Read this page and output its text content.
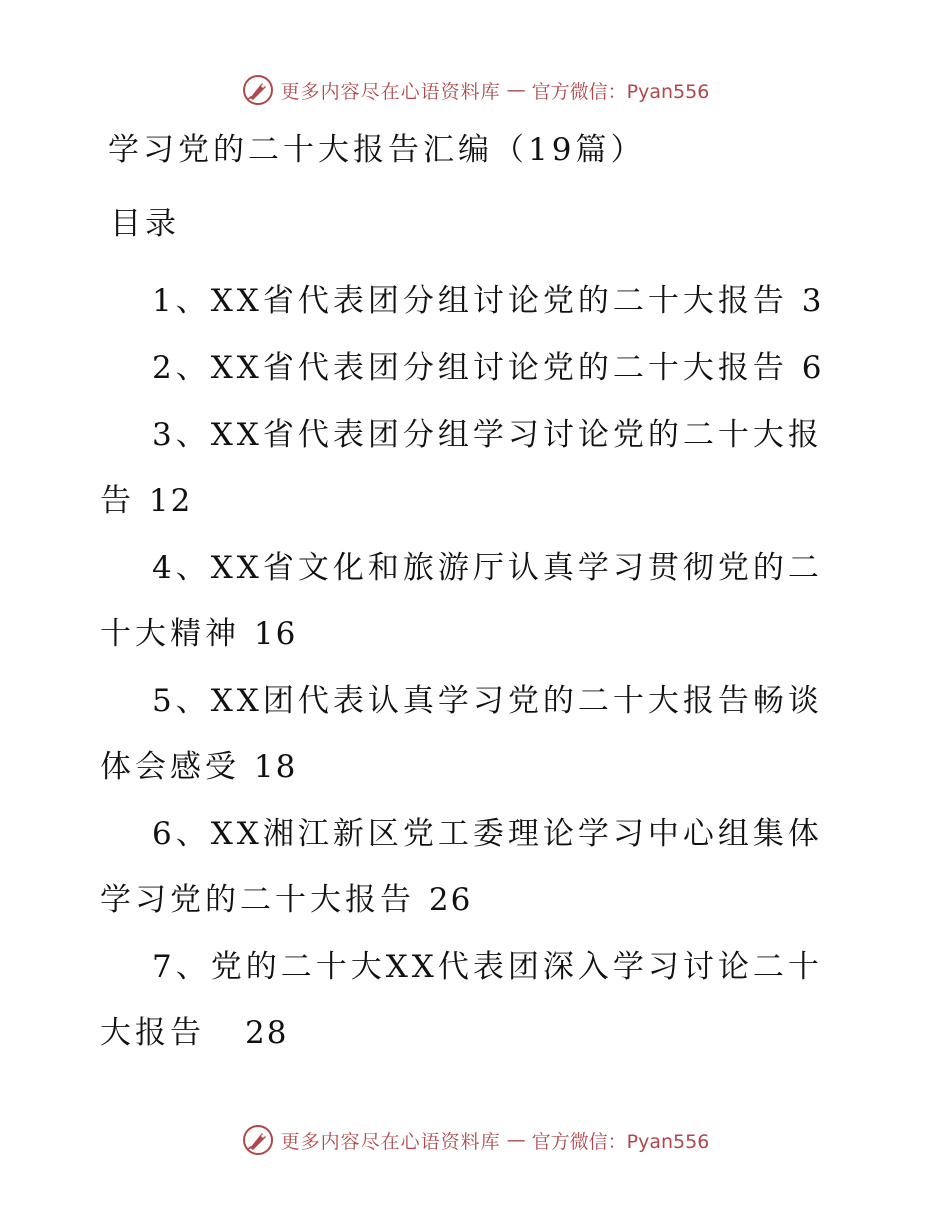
更多内容尽在心语资料库 — 官方微信：Pyan556
学习党的二十大报告汇编（19篇）
目录
1、XX省代表团分组讨论党的二十大报告 3
2、XX省代表团分组讨论党的二十大报告 6
3、XX省代表团分组学习讨论党的二十大报告 12
4、XX省文化和旅游厅认真学习贯彻党的二十大精神 16
5、XX团代表认真学习党的二十大报告畅谈体会感受 18
6、XX湘江新区党工委理论学习中心组集体学习党的二十大报告 26
7、党的二十大XX代表团深入学习讨论二十大报告 28
更多内容尽在心语资料库 — 官方微信：Pyan556
